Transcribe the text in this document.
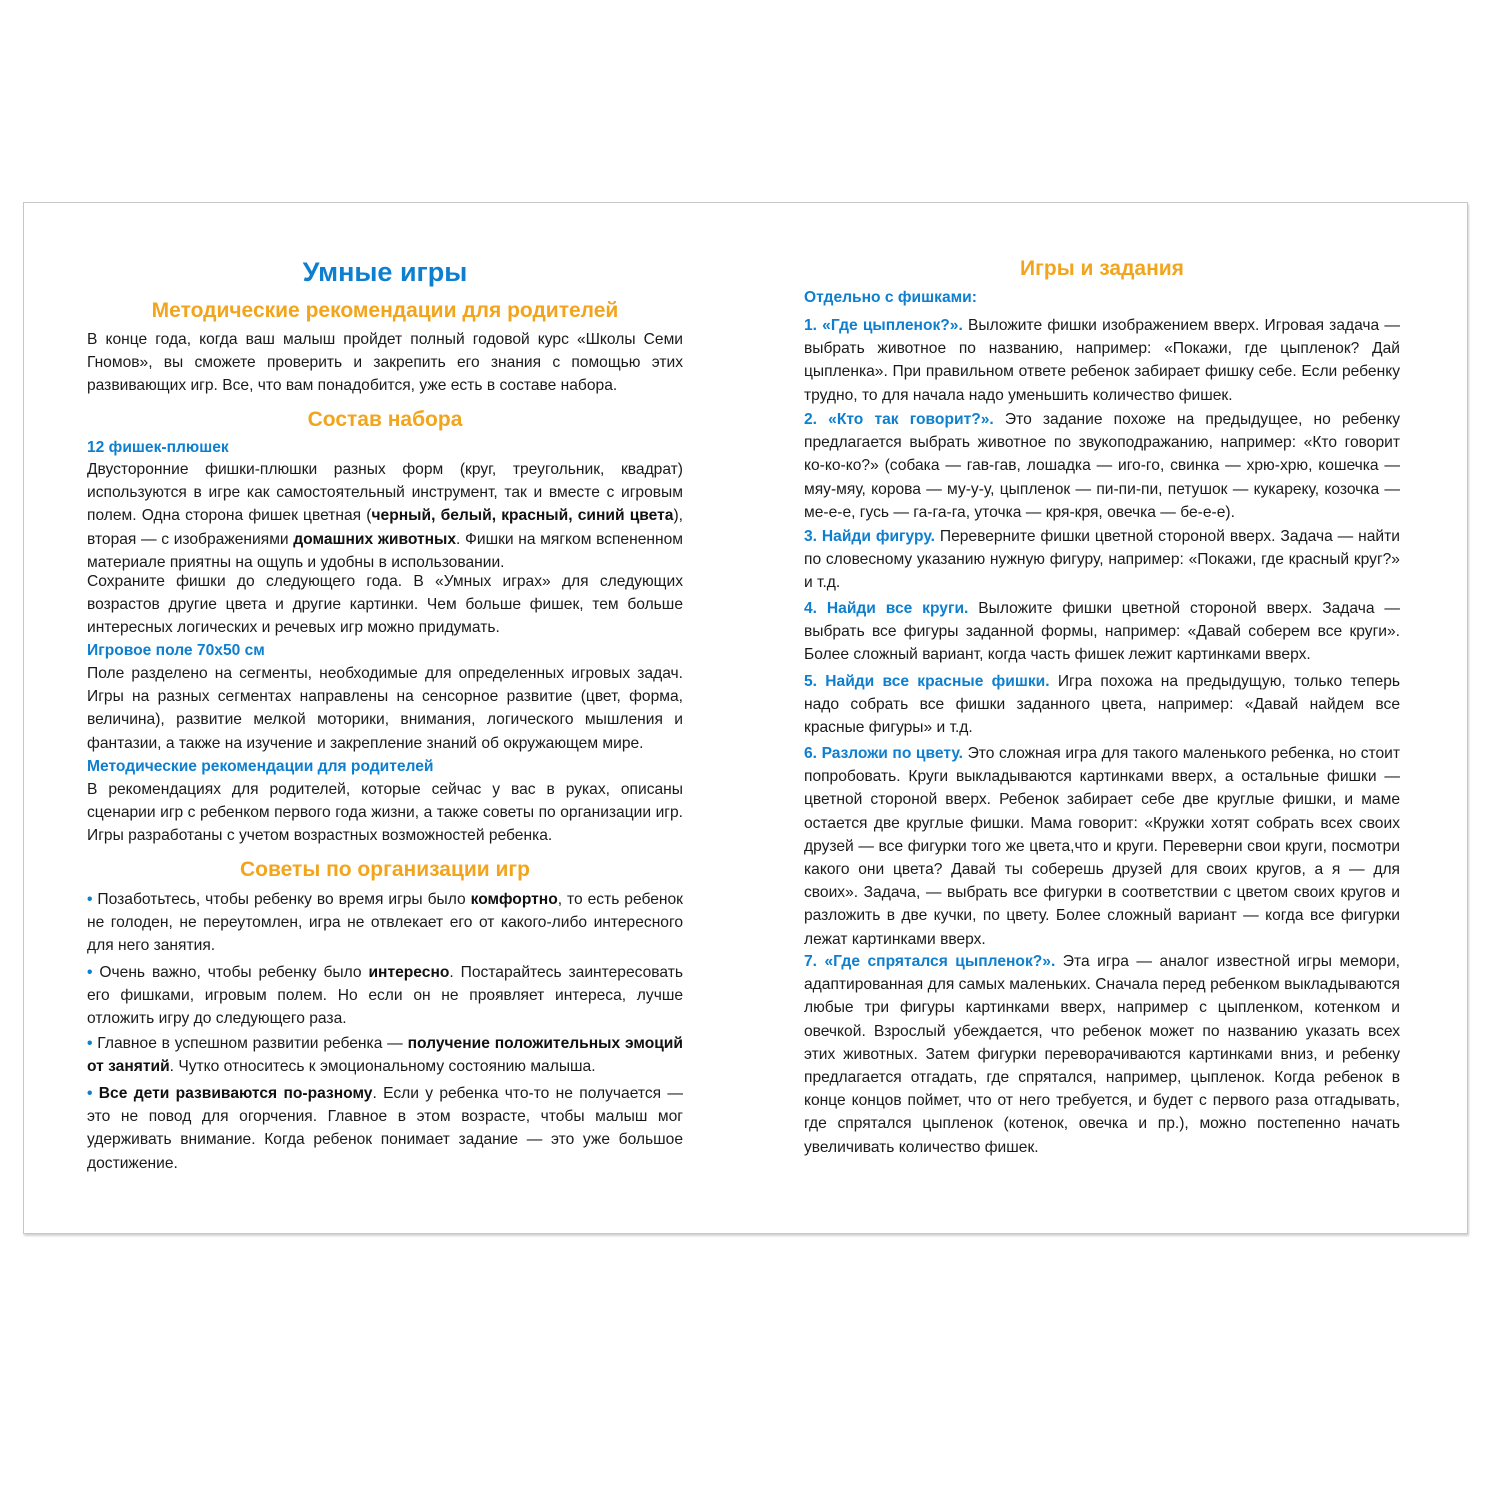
Умные игры
Методические рекомендации для родителей

В конце года, когда ваш малыш пройдет полный годовой курс «Школы Семи Гномов», вы сможете проверить и закрепить его знания с помощью этих развивающих игр. Все, что вам понадобится, уже есть в составе набора.

Состав набора
12 фишек-плюшек

Двусторонние фишки-плюшки разных форм (круг, треугольник, квадрат) используются в игре как самостоятельный инструмент, так и вместе с игровым полем. Одна сторона фишек цветная (черный, белый, красный, синий цвета), вторая — с изображениями домашних животных. Фишки на мягком вспененном материале приятны на ощупь и удобны в использовании.

Сохраните фишки до следующего года. В «Умных играх» для следующих возрастов другие цвета и другие картинки. Чем больше фишек, тем больше интересных логических и речевых игр можно придумать.

Игровое поле 70x50 см

Поле разделено на сегменты, необходимые для определенных игровых задач. Игры на разных сегментах направлены на сенсорное развитие (цвет, форма, величина), развитие мелкой моторики, внимания, логического мышления и фантазии, а также на изучение и закрепление знаний об окружающем мире.

Методические рекомендации для родителей

В рекомендациях для родителей, которые сейчас у вас в руках, описаны сценарии игр с ребенком первого года жизни, а также советы по организации игр. Игры разработаны с учетом возрастных возможностей ребенка.

Советы по организации игр

• Позаботьтесь, чтобы ребенку во время игры было комфортно, то есть ребенок не голоден, не переутомлен, игра не отвлекает его от какого-либо интересного для него занятия.

• Очень важно, чтобы ребенку было интересно. Постарайтесь заинтересовать его фишками, игровым полем. Но если он не проявляет интереса, лучше отложить игру до следующего раза.

• Главное в успешном развитии ребенка — получение положительных эмоций от занятий. Чутко относитесь к эмоциональному состоянию малыша.

• Все дети развиваются по-разному. Если у ребенка что-то не получается — это не повод для огорчения. Главное в этом возрасте, чтобы малыш мог удерживать внимание. Когда ребенок понимает задание — это уже большое достижение.

Игры и задания
Отдельно с фишками:

1. «Где цыпленок?». Выложите фишки изображением вверх. Игровая задача — выбрать животное по названию, например: «Покажи, где цыпленок? Дай цыпленка». При правильном ответе ребенок забирает фишку себе. Если ребенку трудно, то для начала надо уменьшить количество фишек.

2. «Кто так говорит?». Это задание похоже на предыдущее, но ребенку предлагается выбрать животное по звукоподражанию, например: «Кто говорит ко-ко-ко?» (собака — гав-гав, лошадка — иго-го, свинка — хрю-хрю, кошечка — мяу-мяу, корова — му-у-у, цыпленок — пи-пи-пи, петушок — кукареку, козочка — ме-е-е, гусь — га-га-га, уточка — кря-кря, овечка — бе-е-е).

3. Найди фигуру. Переверните фишки цветной стороной вверх. Задача — найти по словесному указанию нужную фигуру, например: «Покажи, где красный круг?» и т.д.

4. Найди все круги. Выложите фишки цветной стороной вверх. Задача — выбрать все фигуры заданной формы, например: «Давай соберем все круги». Более сложный вариант, когда часть фишек лежит картинками вверх.

5. Найди все красные фишки. Игра похожа на предыдущую, только теперь надо собрать все фишки заданного цвета, например: «Давай найдем все красные фигуры» и т.д.

6. Разложи по цвету. Это сложная игра для такого маленького ребенка, но стоит попробовать. Круги выкладываются картинками вверх, а остальные фишки — цветной стороной вверх. Ребенок забирает себе две круглые фишки, и маме остается две круглые фишки. Мама говорит: «Кружки хотят собрать всех своих друзей — все фигурки того же цвета,что и круги. Переверни свои круги, посмотри какого они цвета? Давай ты соберешь друзей для своих кругов, а я — для своих». Задача, — выбрать все фигурки в соответствии с цветом своих кругов и разложить в две кучки, по цвету. Более сложный вариант — когда все фигурки лежат картинками вверх.

7. «Где спрятался цыпленок?». Эта игра — аналог известной игры мемори, адаптированная для самых маленьких. Сначала перед ребенком выкладываются любые три фигуры картинками вверх, например с цыпленком, котенком и овечкой. Взрослый убеждается, что ребенок может по названию указать всех этих животных. Затем фигурки переворачиваются картинками вниз, и ребенку предлагается отгадать, где спрятался, например, цыпленок. Когда ребенок в конце концов поймет, что от него требуется, и будет с первого раза отгадывать, где спрятался цыпленок (котенок, овечка и пр.), можно постепенно начать увеличивать количество фишек.
